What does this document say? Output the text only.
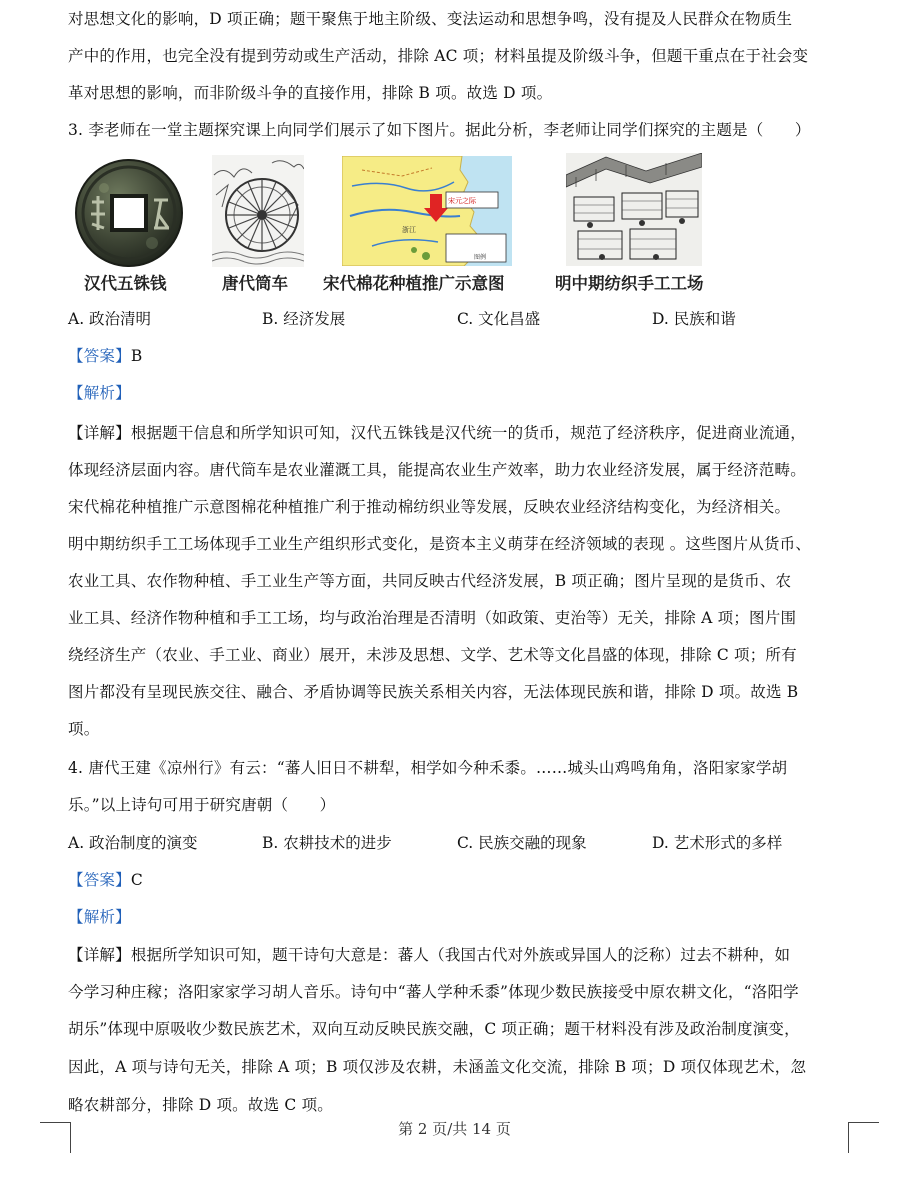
对思想文化的影响，D 项正确；题干聚焦于地主阶级、变法运动和思想争鸣，没有提及人民群众在物质生
产中的作用，也完全没有提到劳动或生产活动，排除 AC 项；材料虽提及阶级斗争，但题干重点在于社会变
革对思想的影响，而非阶级斗争的直接作用，排除 B 项。故选 D 项。
3. 李老师在一堂主题探究课上向同学们展示了如下图片。据此分析，李老师让同学们探究的主题是（　　）
宋元之际
浙江
图例
汉代五铢钱	唐代筒车 宋代棉花种植推广示意图	明中期纺织手工工场
A. 政治清明	B. 经济发展	C. 文化昌盛	D. 民族和谐
【答案】B
【解析】
【详解】根据题干信息和所学知识可知，汉代五铢钱是汉代统一的货币，规范了经济秩序，促进商业流通，
体现经济层面内容。唐代筒车是农业灌溉工具，能提高农业生产效率，助力农业经济发展，属于经济范畴。
宋代棉花种植推广示意图棉花种植推广利于推动棉纺织业等发展，反映农业经济结构变化，为经济相关。
明中期纺织手工工场体现手工业生产组织形式变化，是资本主义萌芽在经济领域的表现 。这些图片从货币、
农业工具、农作物种植、手工业生产等方面，共同反映古代经济发展，B 项正确；图片呈现的是货币、农
业工具、经济作物种植和手工工场，均与政治治理是否清明（如政策、吏治等）无关，排除 A 项；图片围
绕经济生产（农业、手工业、商业）展开，未涉及思想、文学、艺术等文化昌盛的体现，排除 C 项；所有
图片都没有呈现民族交往、融合、矛盾协调等民族关系相关内容，无法体现民族和谐，排除 D 项。故选 B
项。
4. 唐代王建《凉州行》有云：“蕃人旧日不耕犁，相学如今种禾黍。……城头山鸡鸣角角，洛阳家家学胡
乐。”以上诗句可用于研究唐朝（　　）
A. 政治制度的演变	B. 农耕技术的进步	C. 民族交融的现象	D. 艺术形式的多样
【答案】C
【解析】
【详解】根据所学知识可知，题干诗句大意是：蕃人（我国古代对外族或异国人的泛称）过去不耕种，如
今学习种庄稼；洛阳家家学习胡人音乐。诗句中“蕃人学种禾黍”体现少数民族接受中原农耕文化，“洛阳学
胡乐”体现中原吸收少数民族艺术，双向互动反映民族交融，C 项正确；题干材料没有涉及政治制度演变，
因此，A 项与诗句无关，排除 A 项；B 项仅涉及农耕，未涵盖文化交流，排除 B 项；D 项仅体现艺术，忽
略农耕部分，排除 D 项。故选 C 项。
第 2 页/共 14 页
